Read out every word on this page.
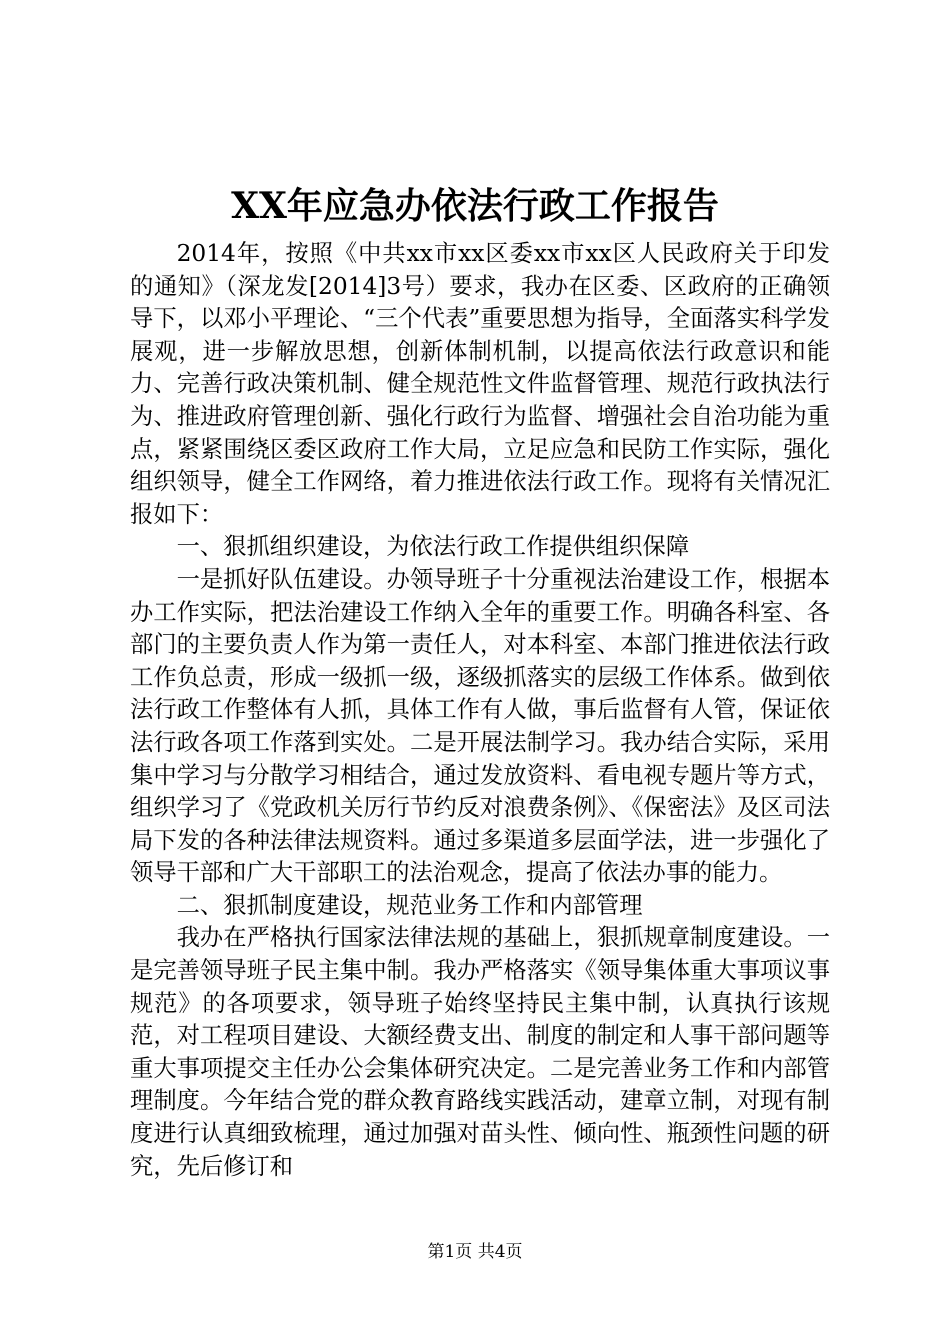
XX年应急办依法行政工作报告

2014年，按照《中共xx市xx区委xx市xx区人民政府关于印发的通知》（深龙发[2014]3号）要求，我办在区委、区政府的正确领导下，以邓小平理论、“三个代表”重要思想为指导，全面落实科学发展观，进一步解放思想，创新体制机制，以提高依法行政意识和能力、完善行政决策机制、健全规范性文件监督管理、规范行政执法行为、推进政府管理创新、强化行政行为监督、增强社会自治功能为重点，紧紧围绕区委区政府工作大局，立足应急和民防工作实际，强化组织领导，健全工作网络，着力推进依法行政工作。现将有关情况汇报如下：

一、狠抓组织建设，为依法行政工作提供组织保障

一是抓好队伍建设。办领导班子十分重视法治建设工作，根据本办工作实际，把法治建设工作纳入全年的重要工作。明确各科室、各部门的主要负责人作为第一责任人，对本科室、本部门推进依法行政工作负总责，形成一级抓一级，逐级抓落实的层级工作体系。做到依法行政工作整体有人抓，具体工作有人做，事后监督有人管，保证依法行政各项工作落到实处。二是开展法制学习。我办结合实际，采用集中学习与分散学习相结合，通过发放资料、看电视专题片等方式，组织学习了《党政机关厉行节约反对浪费条例》、《保密法》及区司法局下发的各种法律法规资料。通过多渠道多层面学法，进一步强化了领导干部和广大干部职工的法治观念，提高了依法办事的能力。

二、狠抓制度建设，规范业务工作和内部管理

我办在严格执行国家法律法规的基础上，狠抓规章制度建设。一是完善领导班子民主集中制。我办严格落实《领导集体重大事项议事规范》的各项要求，领导班子始终坚持民主集中制，认真执行该规范，对工程项目建设、大额经费支出、制度的制定和人事干部问题等重大事项提交主任办公会集体研究决定。二是完善业务工作和内部管理制度。今年结合党的群众教育路线实践活动，建章立制，对现有制度进行认真细致梳理，通过加强对苗头性、倾向性、瓶颈性问题的研究，先后修订和

第1页 共4页
